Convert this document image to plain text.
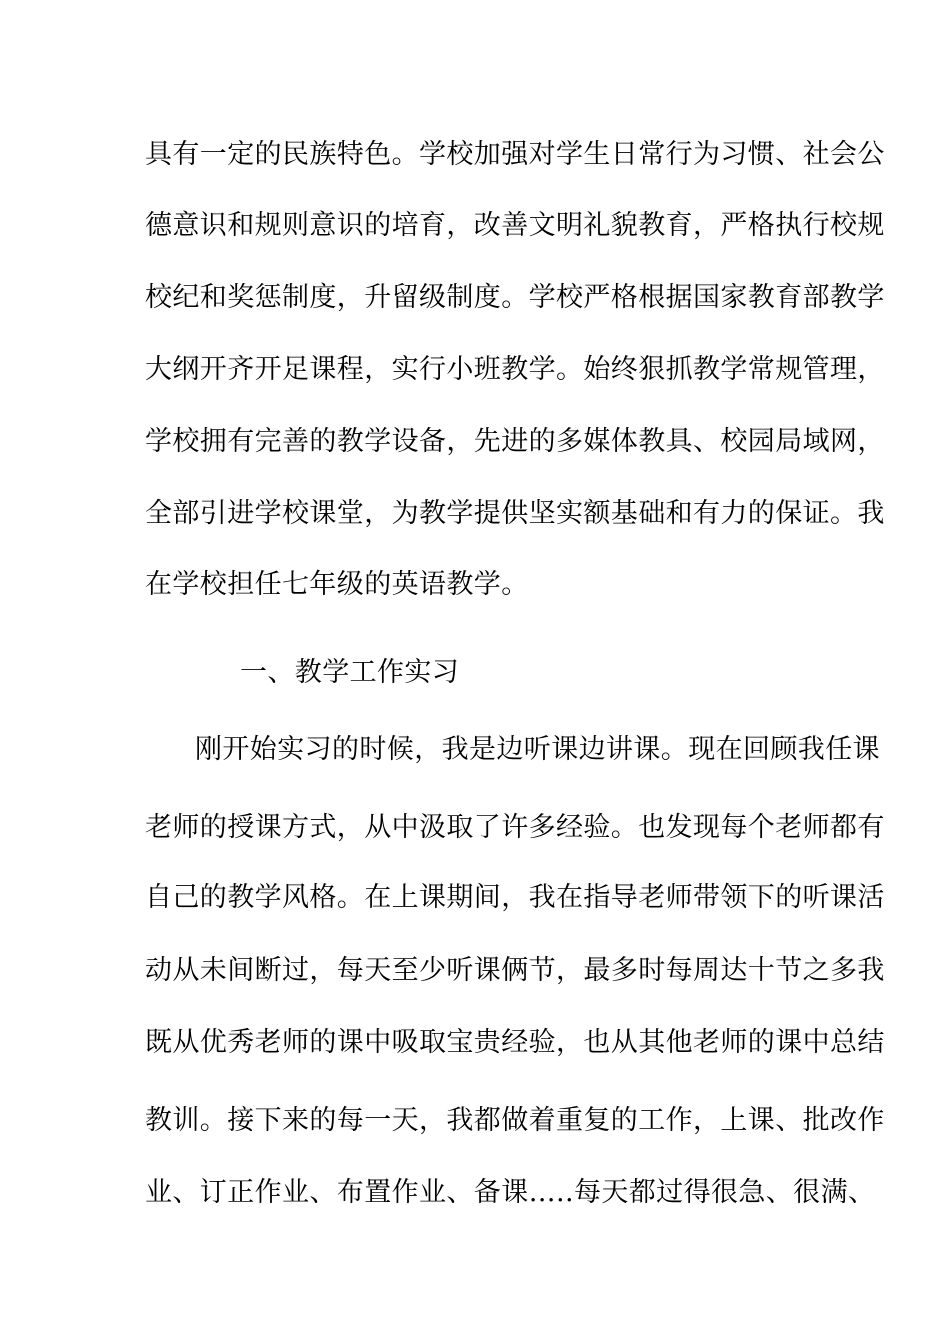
具有一定的民族特色。学校加强对学生日常行为习惯、社会公
德意识和规则意识的培育，改善文明礼貌教育，严格执行校规
校纪和奖惩制度，升留级制度。学校严格根据国家教育部教学
大纲开齐开足课程，实行小班教学。始终狠抓教学常规管理，
学校拥有完善的教学设备，先进的多媒体教具、校园局域网，
全部引进学校课堂，为教学提供坚实额基础和有力的保证。我
在学校担任七年级的英语教学。
一、教学工作实习
刚开始实习的时候，我是边听课边讲课。现在回顾我任课
老师的授课方式，从中汲取了许多经验。也发现每个老师都有
自己的教学风格。在上课期间，我在指导老师带领下的听课活
动从未间断过，每天至少听课俩节，最多时每周达十节之多我
既从优秀老师的课中吸取宝贵经验，也从其他老师的课中总结
教训。接下来的每一天，我都做着重复的工作，上课、批改作
业、订正作业、布置作业、备课…..每天都过得很急、很满、
